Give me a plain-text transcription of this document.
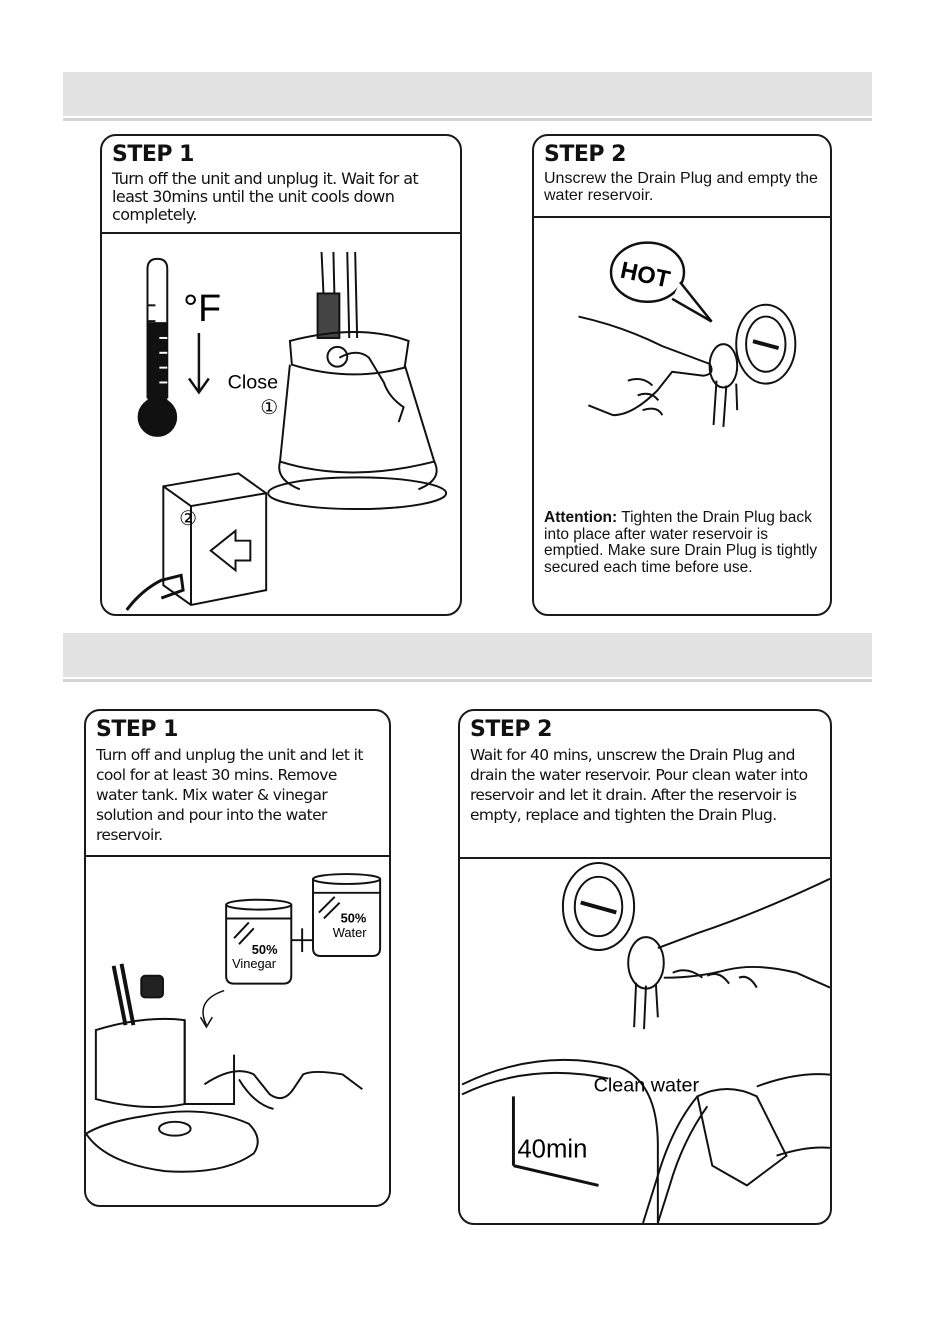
STEP 1
Turn off the unit and unplug it. Wait for at least 30mins until the unit cools down completely.
°F
Close
①
②
STEP 2
Unscrew the Drain Plug and empty the water reservoir.
HOT
Attention: Tighten the Drain Plug back into place after water reservoir is emptied. Make sure Drain Plug is tightly secured each time before use.
STEP 1
Turn off and unplug the unit and let it cool for at least 30 mins. Remove water tank. Mix water & vinegar solution and pour into the water reservoir.
50%
Vinegar
50%
Water
STEP 2
Wait for 40 mins, unscrew the Drain Plug and drain the water reservoir. Pour clean water into reservoir and let it drain. After the reservoir is empty, replace and tighten the Drain Plug.
40min
Clean water
